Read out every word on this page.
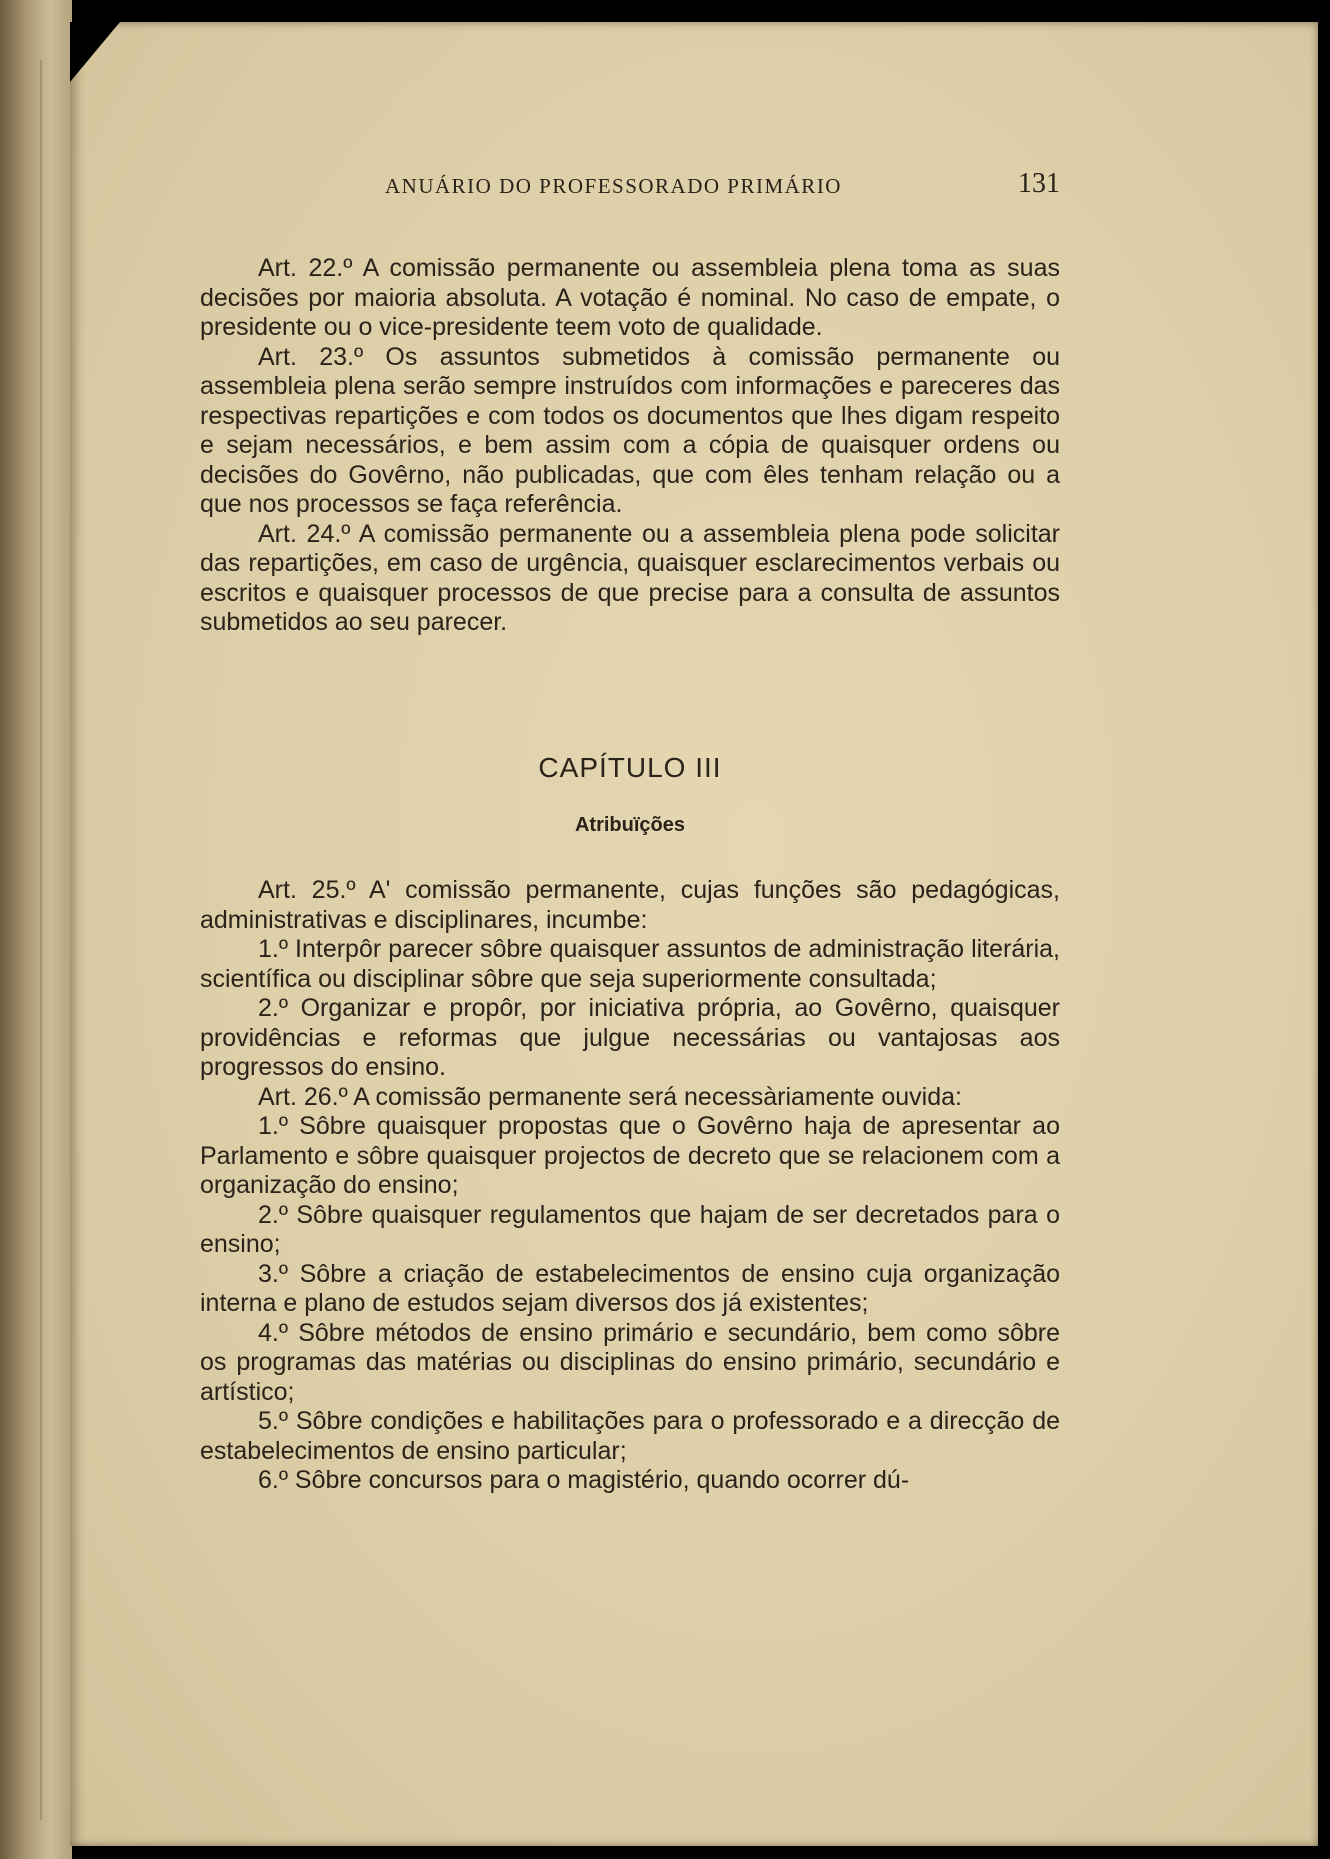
ANUÁRIO DO PROFESSORADO PRIMÁRIO	131

Art. 22.º A comissão permanente ou assembleia plena toma as suas decisões por maioria absoluta. A votação é nominal. No caso de empate, o presidente ou o vice-presidente teem voto de qualidade.

Art. 23.º Os assuntos submetidos à comissão permanente ou assembleia plena serão sempre instruídos com informações e pareceres das respectivas repartições e com todos os documentos que lhes digam respeito e sejam necessários, e bem assim com a cópia de quaisquer ordens ou decisões do Govêrno, não publicadas, que com êles tenham relação ou a que nos processos se faça referência.

Art. 24.º A comissão permanente ou a assembleia plena pode solicitar das repartições, em caso de urgência, quaisquer esclarecimentos verbais ou escritos e quaisquer processos de que precise para a consulta de assuntos submetidos ao seu parecer.

CAPÍTULO III
Atribuïções

Art. 25.º A' comissão permanente, cujas funções são pedagógicas, administrativas e disciplinares, incumbe:

1.º Interpôr parecer sôbre quaisquer assuntos de administração literária, scientífica ou disciplinar sôbre que seja superiormente consultada;

2.º Organizar e propôr, por iniciativa própria, ao Govêrno, quaisquer providências e reformas que julgue necessárias ou vantajosas aos progressos do ensino.

Art. 26.º A comissão permanente será necessàriamente ouvida:

1.º Sôbre quaisquer propostas que o Govêrno haja de apresentar ao Parlamento e sôbre quaisquer projectos de decreto que se relacionem com a organização do ensino;

2.º Sôbre quaisquer regulamentos que hajam de ser decretados para o ensino;

3.º Sôbre a criação de estabelecimentos de ensino cuja organização interna e plano de estudos sejam diversos dos já existentes;

4.º Sôbre métodos de ensino primário e secundário, bem como sôbre os programas das matérias ou disciplinas do ensino primário, secundário e artístico;

5.º Sôbre condições e habilitações para o professorado e a direcção de estabelecimentos de ensino particular;

6.º Sôbre concursos para o magistério, quando ocorrer dú-
